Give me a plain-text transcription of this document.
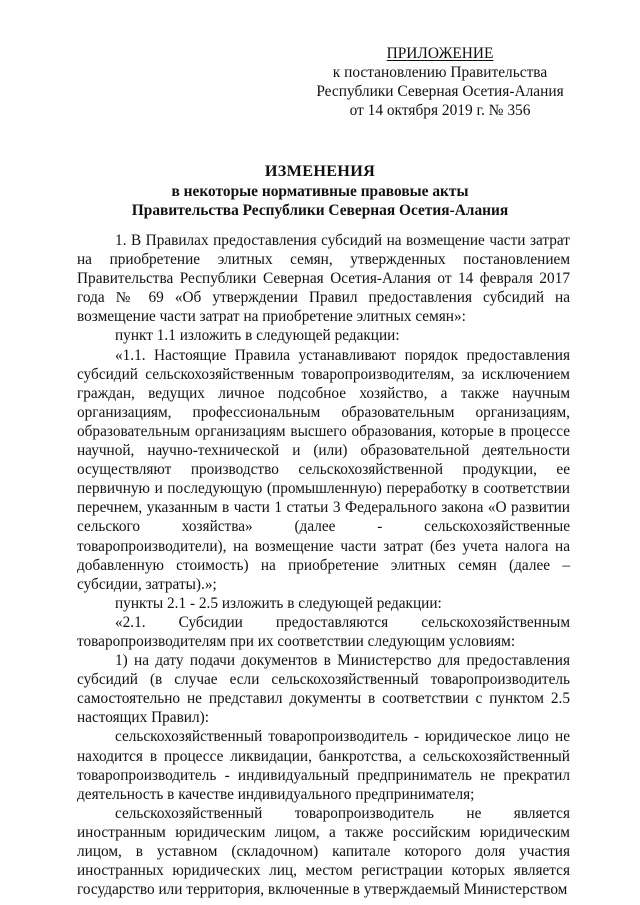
ПРИЛОЖЕНИЕ
к постановлению Правительства
Республики Северная Осетия-Алания
от 14 октября 2019 г. № 356
ИЗМЕНЕНИЯ
в некоторые нормативные правовые акты
Правительства Республики Северная Осетия-Алания

1. В Правилах предоставления субсидий на возмещение части затрат на приобретение элитных семян, утвержденных постановлением Правительства Республики Северная Осетия-Алания от 14 февраля 2017 года № 69 «Об утверждении Правил предоставления субсидий на возмещение части затрат на приобретение элитных семян»:

пункт 1.1 изложить в следующей редакции:

«1.1. Настоящие Правила устанавливают порядок предоставления субсидий сельскохозяйственным товаропроизводителям, за исключением граждан, ведущих личное подсобное хозяйство, а также научным организациям, профессиональным образовательным организациям, образовательным организациям высшего образования, которые в процессе научной, научно-технической и (или) образовательной деятельности осуществляют производство сельскохозяйственной продукции, ее первичную и последующую (промышленную) переработку в соответствии перечнем, указанным в части 1 статьи 3 Федерального закона «О развитии сельского хозяйства» (далее - сельскохозяйственные товаропроизводители), на возмещение части затрат (без учета налога на добавленную стоимость) на приобретение элитных семян (далее – субсидии, затраты).»;

пункты 2.1 - 2.5 изложить в следующей редакции:

«2.1. Субсидии предоставляются сельскохозяйственным товаропроизводителям при их соответствии следующим условиям:

1) на дату подачи документов в Министерство для предоставления субсидий (в случае если сельскохозяйственный товаропроизводитель самостоятельно не представил документы в соответствии с пунктом 2.5 настоящих Правил):

сельскохозяйственный товаропроизводитель - юридическое лицо не находится в процессе ликвидации, банкротства, а сельскохозяйственный товаропроизводитель - индивидуальный предприниматель не прекратил деятельность в качестве индивидуального предпринимателя;

сельскохозяйственный товаропроизводитель не является иностранным юридическим лицом, а также российским юридическим лицом, в уставном (складочном) капитале которого доля участия иностранных юридических лиц, местом регистрации которых является государство или территория, включенные в утверждаемый Министерством
